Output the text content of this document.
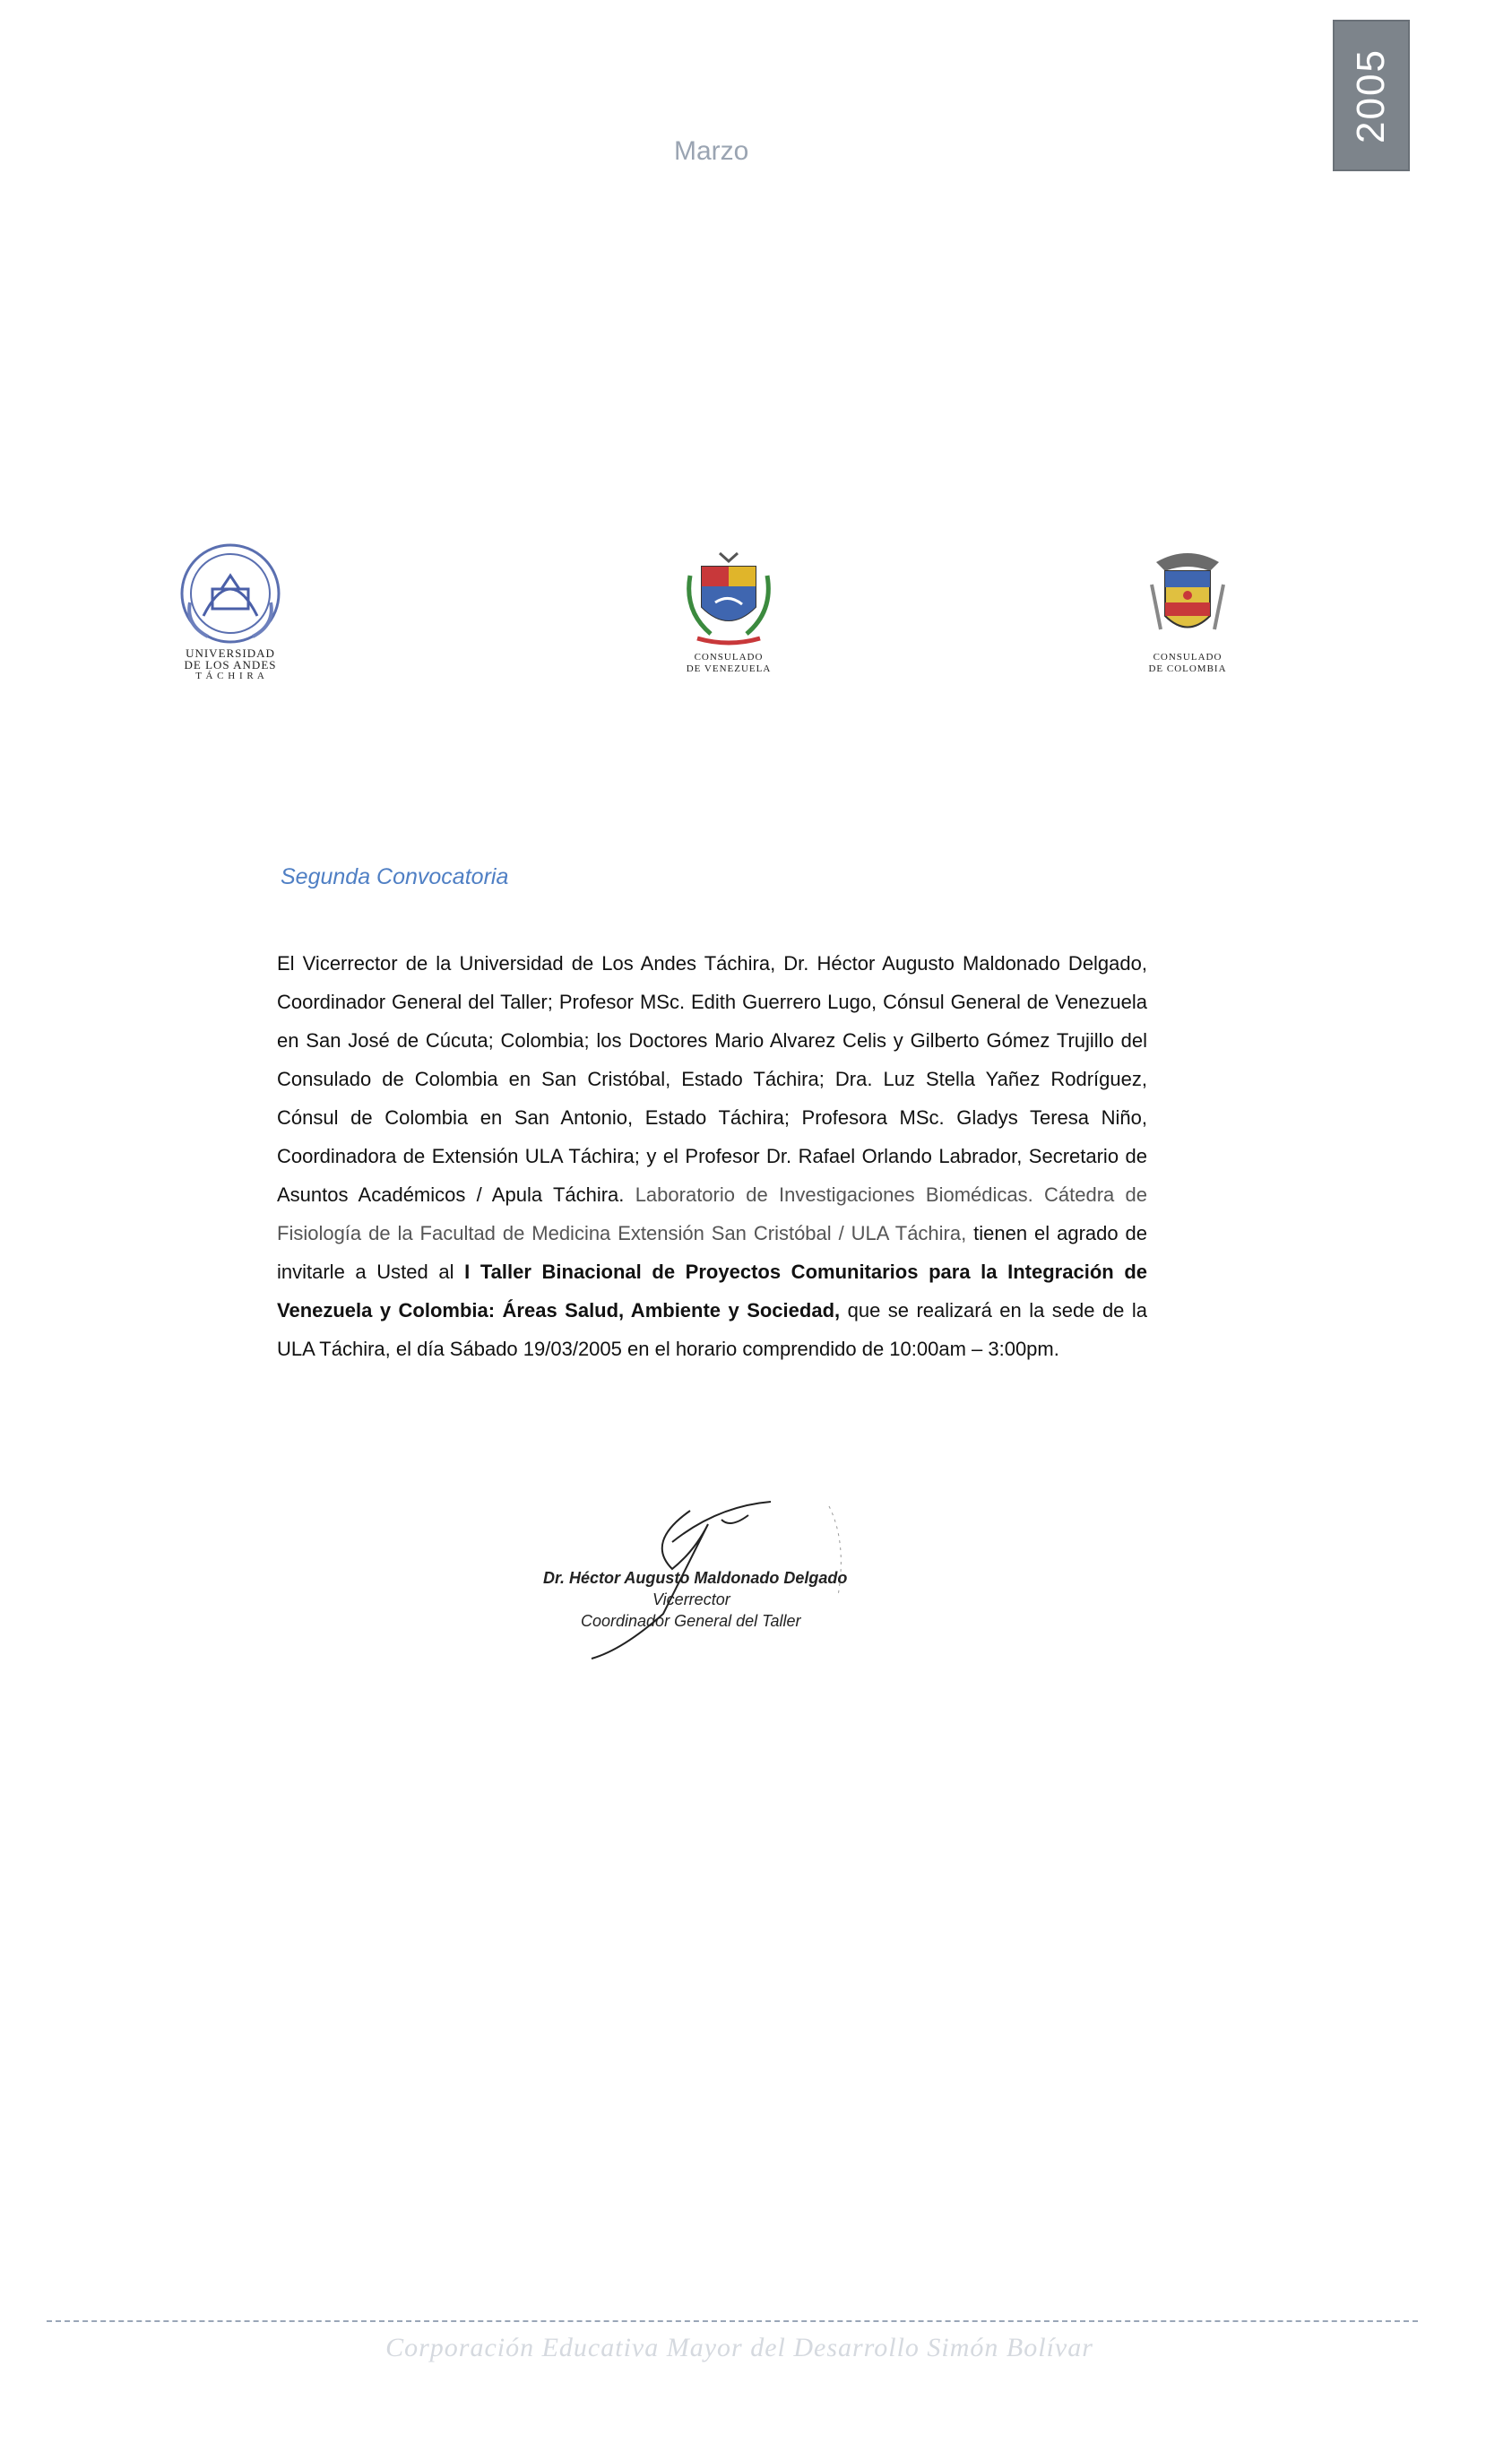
2005
Marzo
UNIVERSIDAD
DE LOS ANDES
T Á C H I R A
CONSULADO
DE VENEZUELA
CONSULADO
DE COLOMBIA
Segunda Convocatoria
El Vicerrector de la Universidad de Los Andes Táchira, Dr. Héctor Augusto Maldonado Delgado, Coordinador General del Taller; Profesor MSc. Edith Guerrero Lugo, Cónsul General de Venezuela en San José de Cúcuta; Colombia; los Doctores Mario Alvarez Celis y Gilberto Gómez Trujillo del Consulado de Colombia en San Cristóbal, Estado Táchira; Dra. Luz Stella Yañez Rodríguez, Cónsul de Colombia en San Antonio, Estado Táchira; Profesora MSc. Gladys Teresa Niño, Coordinadora de Extensión ULA Táchira; y el Profesor Dr. Rafael Orlando Labrador, Secretario de Asuntos Académicos / Apula Táchira. Laboratorio de Investigaciones Biomédicas. Cátedra de Fisiología de la Facultad de Medicina Extensión San Cristóbal / ULA Táchira, tienen el agrado de invitarle a Usted al I Taller Binacional de Proyectos Comunitarios para la Integración de Venezuela y Colombia: Áreas Salud, Ambiente y Sociedad, que se realizará en la sede de la ULA Táchira, el día Sábado 19/03/2005 en el horario comprendido de 10:00am – 3:00pm.
Dr. Héctor Augusto Maldonado Delgado
Vicerrector
Coordinador General del Taller
Corporación Educativa Mayor del Desarrollo Simón Bolívar
